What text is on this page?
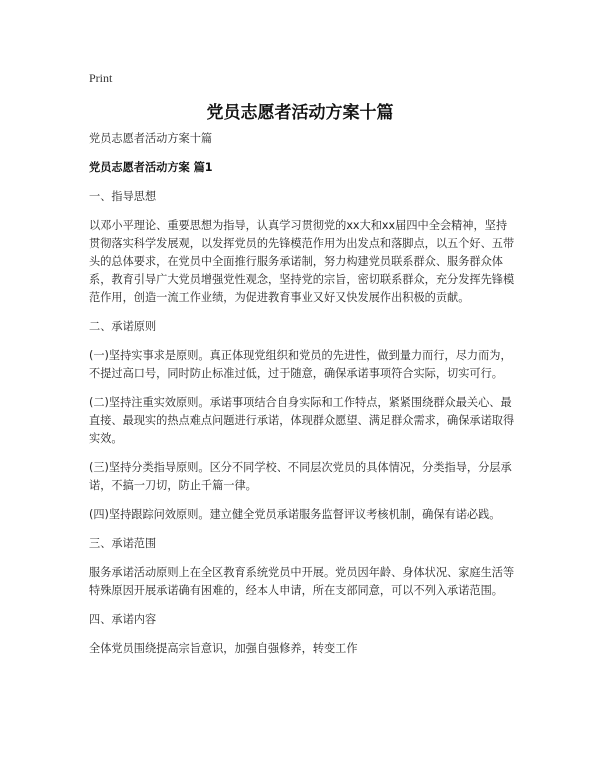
Print
党员志愿者活动方案十篇

党员志愿者活动方案十篇

党员志愿者活动方案 篇1

一、指导思想

以邓小平理论、重要思想为指导，认真学习贯彻党的xx大和xx届四中全会精神，坚持贯彻落实科学发展观，以发挥党员的先锋模范作用为出发点和落脚点，以五个好、五带头的总体要求，在党员中全面推行服务承诺制，努力构建党员联系群众、服务群众体系，教育引导广大党员增强党性观念，坚持党的宗旨，密切联系群众，充分发挥先锋模范作用，创造一流工作业绩，为促进教育事业又好又快发展作出积极的贡献。

二、承诺原则

(一)坚持实事求是原则。真正体现党组织和党员的先进性，做到量力而行，尽力而为，不提过高口号，同时防止标准过低，过于随意，确保承诺事项符合实际，切实可行。

(二)坚持注重实效原则。承诺事项结合自身实际和工作特点，紧紧围绕群众最关心、最直接、最现实的热点难点问题进行承诺，体现群众愿望、满足群众需求，确保承诺取得实效。

(三)坚持分类指导原则。区分不同学校、不同层次党员的具体情况，分类指导，分层承诺，不搞一刀切，防止千篇一律。

(四)坚持跟踪问效原则。建立健全党员承诺服务监督评议考核机制，确保有诺必践。

三、承诺范围

服务承诺活动原则上在全区教育系统党员中开展。党员因年龄、身体状况、家庭生活等特殊原因开展承诺确有困难的，经本人申请，所在支部同意，可以不列入承诺范围。

四、承诺内容

全体党员围绕提高宗旨意识，加强自强修养，转变工作
